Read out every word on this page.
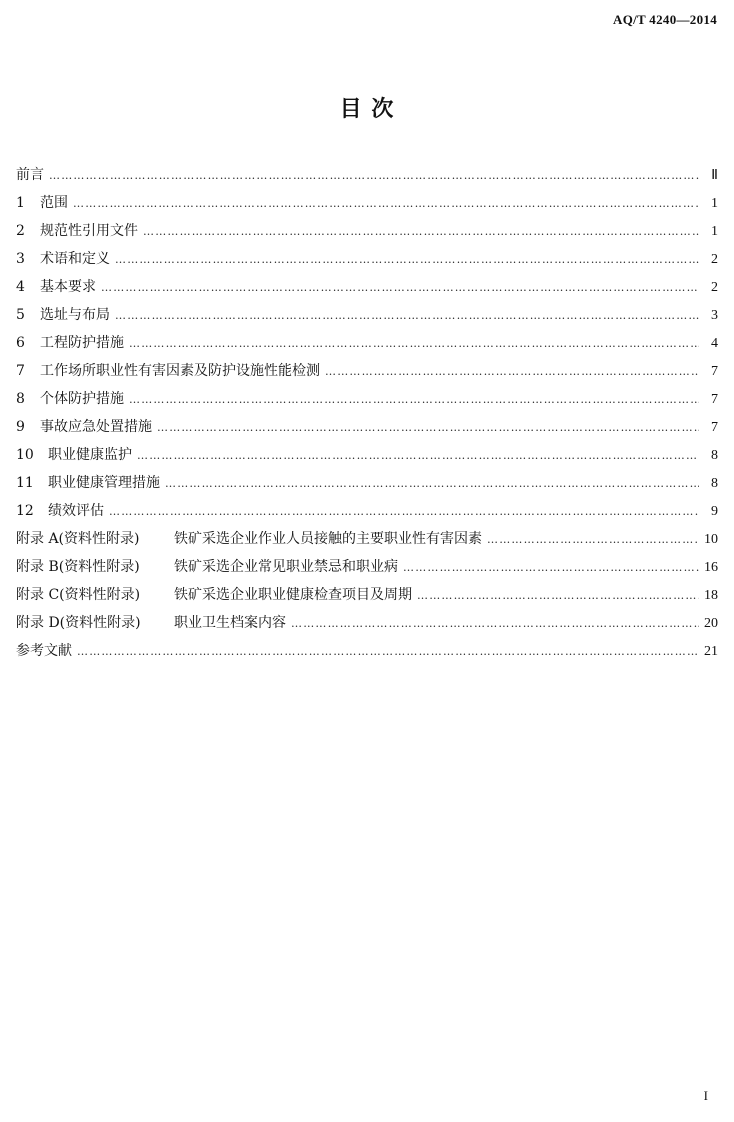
AQ/T 4240—2014
目 次
前言 …………………………………………………………………………………………………………………………………………………………………………………………………………………	Ⅱ
1	范围 …………………………………………………………………………………………………………………………………………………………………………………………………………………	1
2	规范性引用文件 …………………………………………………………………………………………………………………………………………………………………………………………………………………	1
3	术语和定义 …………………………………………………………………………………………………………………………………………………………………………………………………………………	2
4	基本要求 …………………………………………………………………………………………………………………………………………………………………………………………………………………	2
5	选址与布局 …………………………………………………………………………………………………………………………………………………………………………………………………………………	3
6	工程防护措施 …………………………………………………………………………………………………………………………………………………………………………………………………………………	4
7	工作场所职业性有害因素及防护设施性能检测 …………………………………………………………………………………………………………………………………………………………………………………………………………………	7
8	个体防护措施 …………………………………………………………………………………………………………………………………………………………………………………………………………………	7
9	事故应急处置措施 …………………………………………………………………………………………………………………………………………………………………………………………………………………	7
10	职业健康监护 …………………………………………………………………………………………………………………………………………………………………………………………………………………	8
11	职业健康管理措施 …………………………………………………………………………………………………………………………………………………………………………………………………………………	8
12	绩效评估 …………………………………………………………………………………………………………………………………………………………………………………………………………………	9
附录 A(资料性附录)	铁矿采选企业作业人员接触的主要职业性有害因素 …………………………………………………………………………………………………………………………………………………………………………………………………………………	10
附录 B(资料性附录)	铁矿采选企业常见职业禁忌和职业病 …………………………………………………………………………………………………………………………………………………………………………………………………………………	16
附录 C(资料性附录)	铁矿采选企业职业健康检查项目及周期 …………………………………………………………………………………………………………………………………………………………………………………………………………………	18
附录 D(资料性附录)	职业卫生档案内容 …………………………………………………………………………………………………………………………………………………………………………………………………………………	20
参考文献 …………………………………………………………………………………………………………………………………………………………………………………………………………………	21
I
